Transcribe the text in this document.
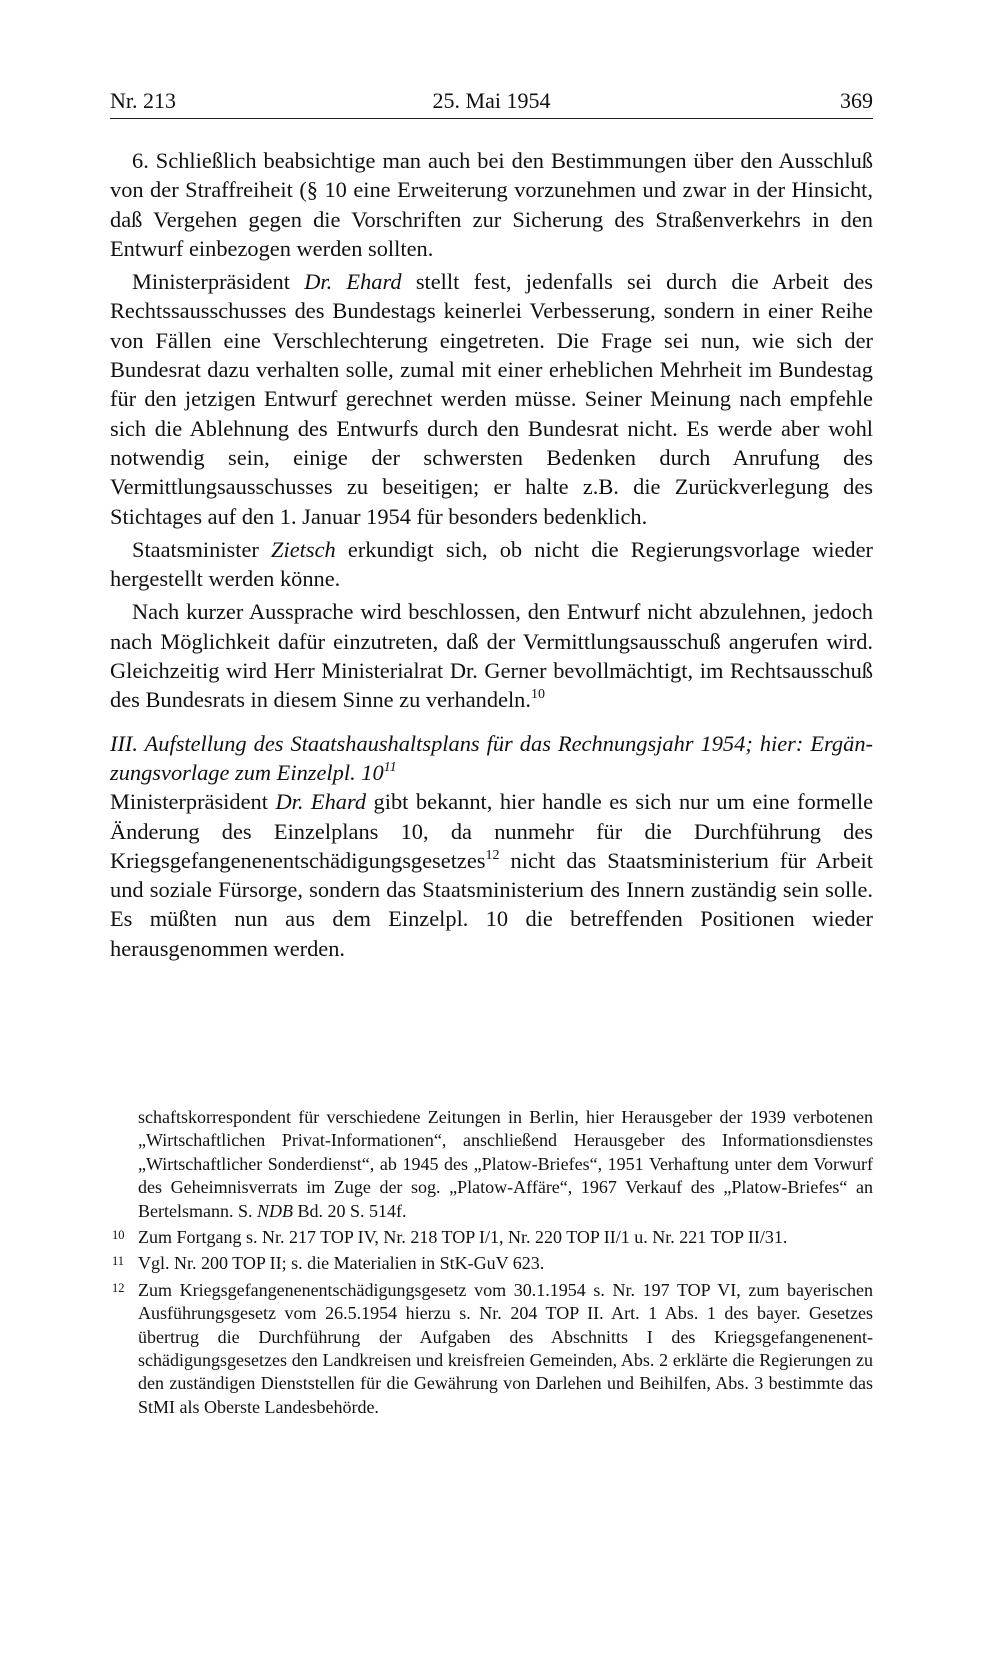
Nr. 213	25. Mai 1954	369

6. Schließlich beabsichtige man auch bei den Bestimmungen über den Ausschluß von der Straffreiheit (§ 10 eine Erweiterung vorzunehmen und zwar in der Hinsicht, daß Vergehen gegen die Vorschriften zur Sicherung des Straßenverkehrs in den Entwurf einbezogen werden sollten.

Ministerpräsident Dr. Ehard stellt fest, jedenfalls sei durch die Arbeit des Rechtssausschusses des Bundestags keinerlei Verbesserung, sondern in einer Reihe von Fällen eine Verschlechterung eingetreten. Die Frage sei nun, wie sich der Bundesrat dazu verhalten solle, zumal mit einer erheblichen Mehrheit im Bundestag für den jetzigen Entwurf gerechnet werden müsse. Seiner Meinung nach empfehle sich die Ablehnung des Entwurfs durch den Bundesrat nicht. Es werde aber wohl notwendig sein, einige der schwersten Bedenken durch Anrufung des Vermittlungsausschusses zu beseitigen; er halte z.B. die Zurückverlegung des Stichtages auf den 1. Januar 1954 für besonders bedenklich.

Staatsminister Zietsch erkundigt sich, ob nicht die Regierungsvorlage wieder hergestellt werden könne.

Nach kurzer Aussprache wird beschlossen, den Entwurf nicht abzulehnen, jedoch nach Möglichkeit dafür einzutreten, daß der Vermittlungsausschuß angerufen wird. Gleichzeitig wird Herr Ministerialrat Dr. Gerner bevollmächtigt, im Rechtsausschuß des Bundesrats in diesem Sinne zu verhandeln.$^{10}$

III. Aufstellung des Staatshaushaltsplans für das Rechnungsjahr 1954; hier: Ergänzungsvorlage zum Einzelpl. $10^{11}$

Ministerpräsident Dr. Ehard gibt bekannt, hier handle es sich nur um eine formelle Änderung des Einzelplans 10, da nunmehr für die Durchführung des Kriegsgefangenenentschädigungsgesetzes$^{12}$ nicht das Staatsministerium für Arbeit und soziale Fürsorge, sondern das Staatsministerium des Innern zuständig sein solle. Es müßten nun aus dem Einzelpl. 10 die betreffenden Positionen wieder herausgenommen werden.

schaftskorrespondent für verschiedene Zeitungen in Berlin, hier Herausgeber der 1939 verbotenen „Wirtschaftlichen Privat-Informationen“, anschließend Herausgeber des Informationsdienstes „Wirtschaftlicher Sonderdienst“, ab 1945 des „Platow-Briefes“, 1951 Verhaftung unter dem Vorwurf des Geheimnisverrats im Zuge der sog. „Platow-Affäre“, 1967 Verkauf des „Platow-Briefes“ an Bertelsmann. S. NDB Bd. 20 S. 514f.
10 Zum Fortgang s. Nr. 217 TOP IV, Nr. 218 TOP I/1, Nr. 220 TOP II/1 u. Nr. 221 TOP II/31.
11 Vgl. Nr. 200 TOP II; s. die Materialien in StK-GuV 623.
12 Zum Kriegsgefangenenentschädigungsgesetz vom 30.1.1954 s. Nr. 197 TOP VI, zum bayerischen Ausführungsgesetz vom 26.5.1954 hierzu s. Nr. 204 TOP II. Art. 1 Abs. 1 des bayer. Gesetzes übertrug die Durchführung der Aufgaben des Abschnitts I des Kriegsgefangenenentschädigungsgesetzes den Landkreisen und kreisfreien Gemeinden, Abs. 2 erklärte die Regierungen zu den zuständigen Dienststellen für die Gewährung von Darlehen und Beihilfen, Abs. 3 bestimmte das StMI als Oberste Landesbehörde.
